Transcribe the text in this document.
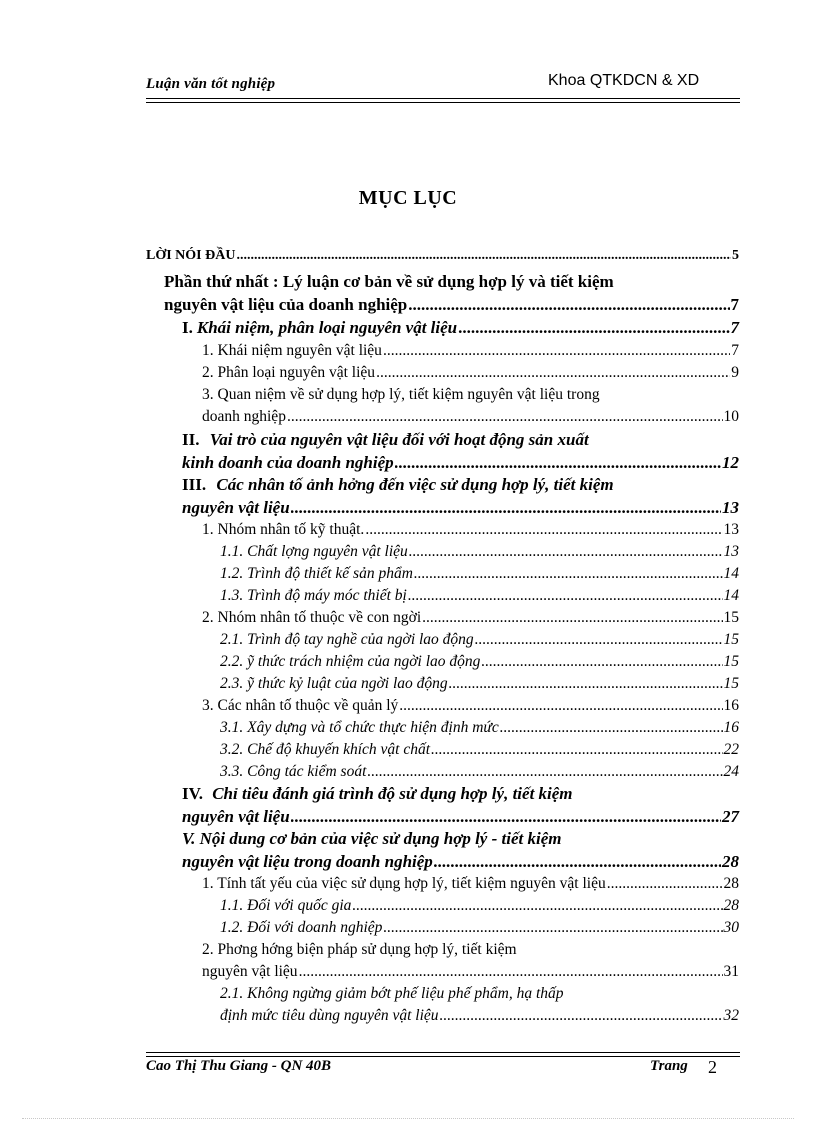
Luận văn tốt nghiệp	Khoa QTKDCN & XD
MỤC LỤC
LỜI NÓI ĐẦU .....	5
Phần thứ nhất : Lý luận cơ bản về sử dụng hợp lý và tiết kiệm
nguyên vật liệu của doanh nghiệp .....	7
I. Khái niệm, phân loại nguyên vật liệu .....	7
1. Khái niệm nguyên vật liệu .....	7
2. Phân loại nguyên vật liệu .....	9
3. Quan niệm về sử dụng hợp lý, tiết kiệm nguyên vật liệu trong
doanh nghiệp .....	10
II. Vai trò của nguyên vật liệu đối với hoạt động sản xuất
kinh doanh của doanh nghiệp .....	12
III. Các nhân tố ảnh hởng đến việc sử dụng hợp lý, tiết kiệm
nguyên vật liệu .....	13
1. Nhóm nhân tố kỹ thuật. .....	13
1.1. Chất lợng nguyên vật liệu .....	13
1.2. Trình độ thiết kế sản phẩm .....	14
1.3. Trình độ máy móc thiết bị .....	14
2. Nhóm nhân tố thuộc về con ngời .....	15
2.1. Trình độ tay nghề của ngời lao động .....	15
2.2. ỹ thức trách nhiệm của ngời lao động .....	15
2.3. ỹ thức kỷ luật của ngời lao động .....	15
3. Các nhân tố thuộc về quản lý .....	16
3.1. Xây dựng và tổ chức thực hiện định mức .....	16
3.2. Chế độ khuyến khích vật chất .....	22
3.3. Công tác kiểm soát .....	24
IV. Chỉ tiêu đánh giá trình độ sử dụng hợp lý, tiết kiệm
nguyên vật liệu .....	27
V. Nội dung cơ bản của việc sử dụng hợp lý - tiết kiệm
nguyên vật liệu trong doanh nghiệp .....	28
1. Tính tất yếu của việc sử dụng hợp lý, tiết kiệm nguyên vật liệu .....	28
1.1. Đối với quốc gia .....	28
1.2. Đối với doanh nghiệp .....	30
2. Phơng hớng biện pháp sử dụng hợp lý, tiết kiệm
nguyên vật liệu .....	31
2.1. Không ngừng giảm bớt phế liệu phế phẩm, hạ thấp
định mức tiêu dùng nguyên vật liệu .....	32
Cao Thị Thu Giang - QN 40B	Trang 2
